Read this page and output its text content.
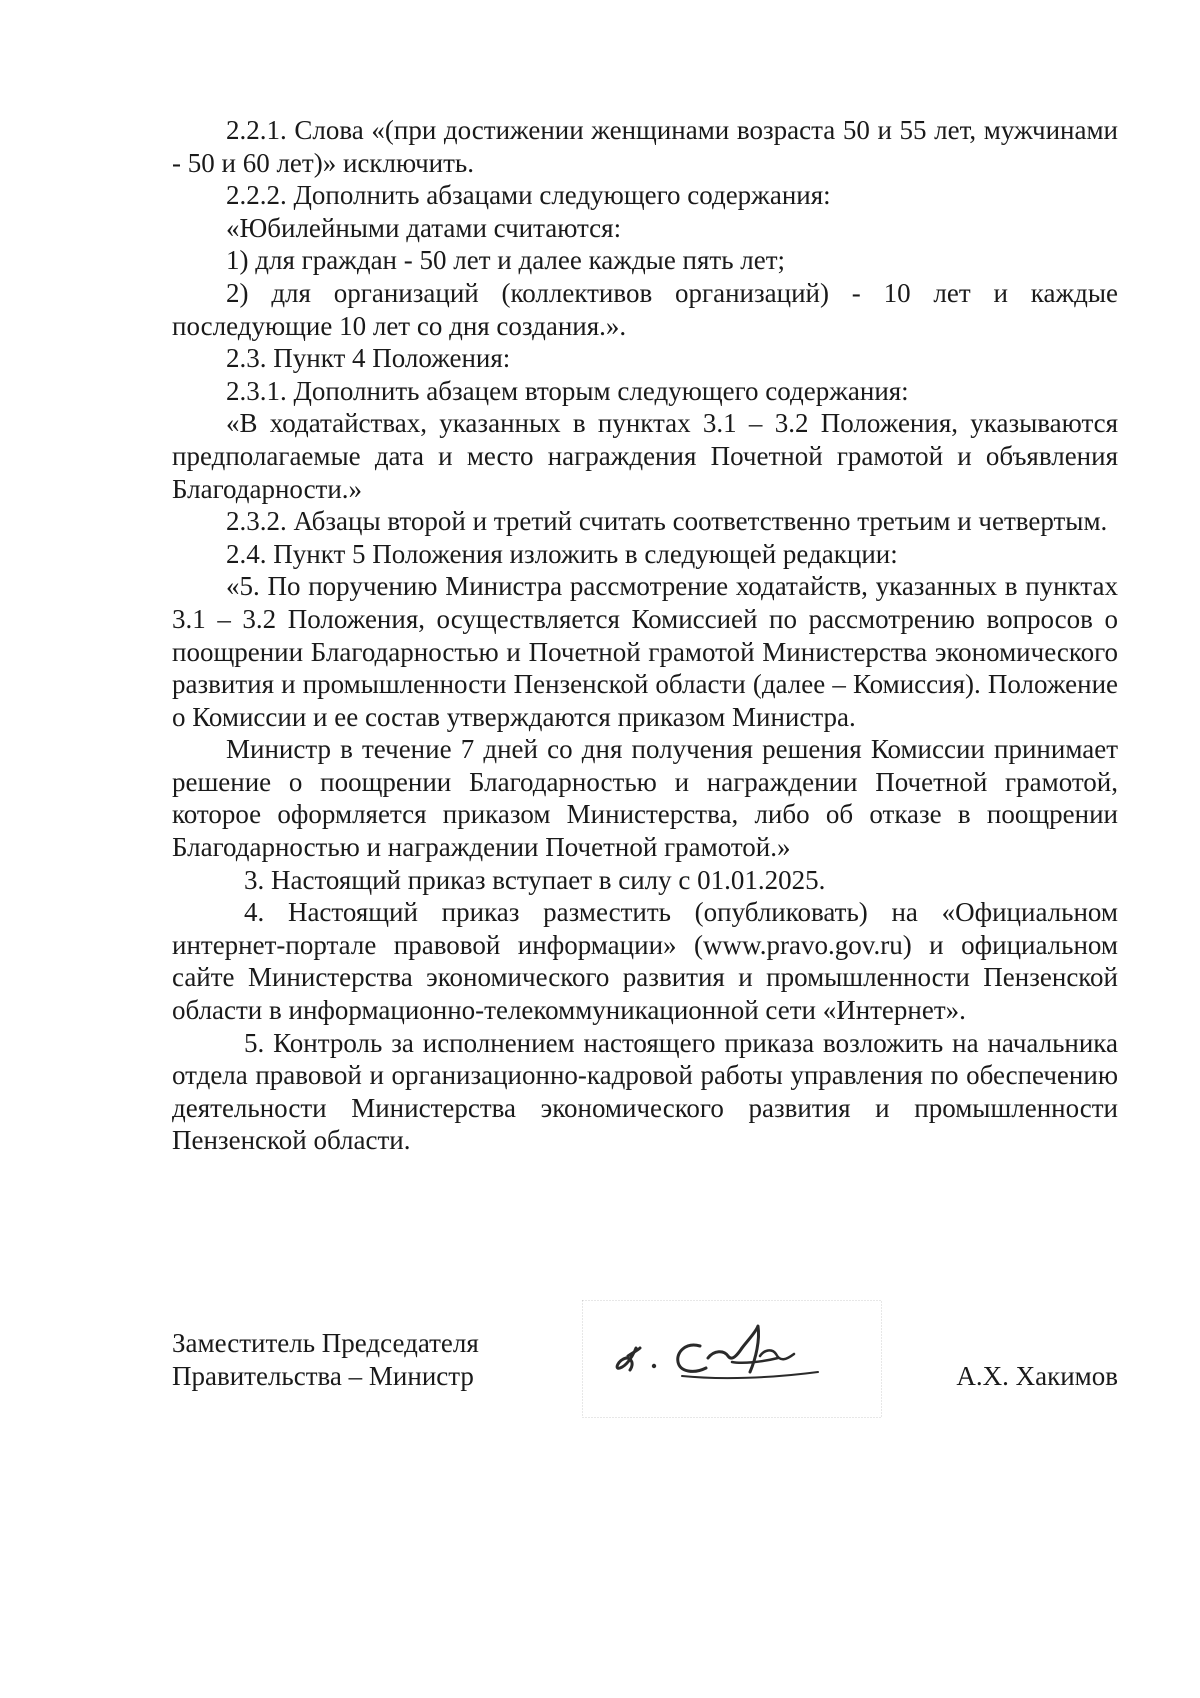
2.2.1. Слова «(при достижении женщинами возраста 50 и 55 лет, мужчинами - 50 и 60 лет)» исключить.

2.2.2. Дополнить абзацами следующего содержания:

«Юбилейными датами считаются:

1) для граждан - 50 лет и далее каждые пять лет;

2) для организаций (коллективов организаций) - 10 лет и каждые последующие 10 лет со дня создания.».

2.3. Пункт 4 Положения:

2.3.1. Дополнить абзацем вторым следующего содержания:

«В ходатайствах, указанных в пунктах 3.1 – 3.2 Положения, указываются предполагаемые дата и место награждения Почетной грамотой и объявления Благодарности.»

2.3.2. Абзацы второй и третий считать соответственно третьим и четвертым.

2.4. Пункт 5 Положения изложить в следующей редакции:

«5. По поручению Министра рассмотрение ходатайств, указанных в пунктах 3.1 – 3.2 Положения, осуществляется Комиссией по рассмотрению вопросов о поощрении Благодарностью и Почетной грамотой Министерства экономического развития и промышленности Пензенской области (далее – Комиссия). Положение о Комиссии и ее состав утверждаются приказом Министра.

Министр в течение 7 дней со дня получения решения Комиссии принимает решение о поощрении Благодарностью и награждении Почетной грамотой, которое оформляется приказом Министерства, либо об отказе в поощрении Благодарностью и награждении Почетной грамотой.»

3. Настоящий приказ вступает в силу с 01.01.2025.

4. Настоящий приказ разместить (опубликовать) на «Официальном интернет-портале правовой информации» (www.pravo.gov.ru) и официальном сайте Министерства экономического развития и промышленности Пензенской области в информационно-телекоммуникационной сети «Интернет».

5. Контроль за исполнением настоящего приказа возложить на начальника отдела правовой и организационно-кадровой работы управления по обеспечению деятельности Министерства экономического развития и промышленности Пензенской области.

Заместитель Председателя
Правительства – Министр	А.Х. Хакимов
